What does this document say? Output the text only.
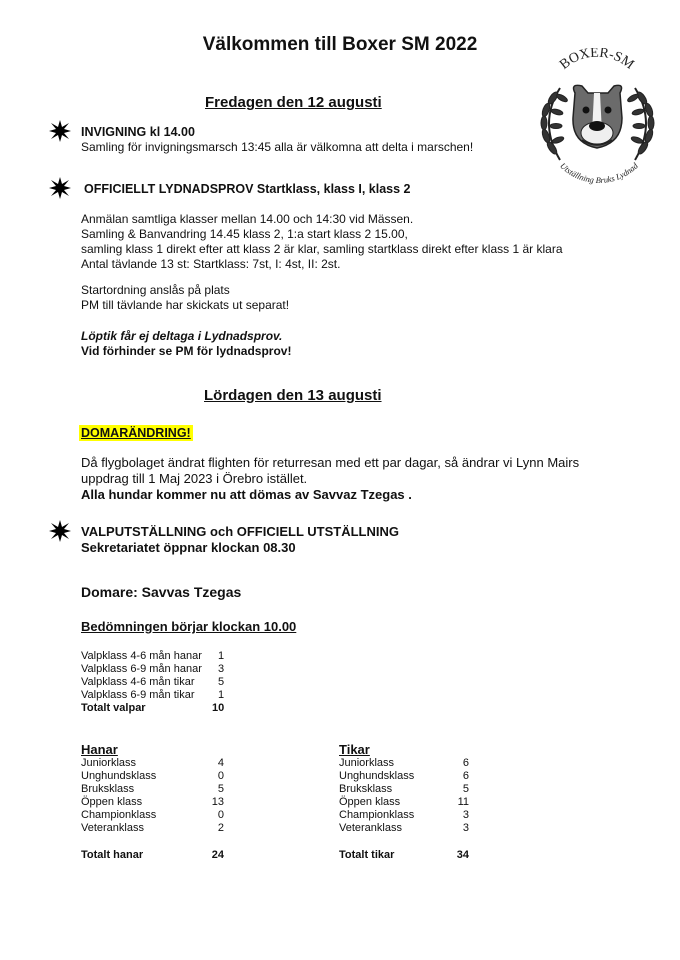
Välkommen till Boxer SM 2022
BOXER-SM
Utställning Bruks Lydnad
Fredagen den 12 augusti
INVIGNING kl 14.00
Samling för invigningsmarsch 13:45 alla är välkomna att delta i marschen!
OFFICIELLT LYDNADSPROV Startklass, klass I, klass 2
Anmälan samtliga klasser mellan 14.00 och 14:30 vid Mässen.
Samling & Banvandring 14.45 klass 2, 1:a start klass 2 15.00,
samling klass 1 direkt efter att klass 2 är klar, samling startklass direkt efter klass 1 är klara
Antal tävlande 13 st: Startklass: 7st, I: 4st, II: 2st.
Startordning anslås på plats
PM till tävlande har skickats ut separat!
Löptik får ej deltaga i Lydnadsprov.
Vid förhinder se PM för lydnadsprov!
Lördagen den 13 augusti
DOMARÄNDRING!
Då flygbolaget ändrat flighten för returresan med ett par dagar, så ändrar vi Lynn Mairs
uppdrag till 1 Maj 2023 i Örebro istället.
Alla hundar kommer nu att dömas av Savvaz Tzegas .
VALPUTSTÄLLNING och OFFICIELL UTSTÄLLNING
Sekretariatet öppnar klockan 08.30
Domare: Savvas Tzegas
Bedömningen börjar klockan 10.00
Valpklass 4-6 mån hanar 1
Valpklass 6-9 mån hanar 3
Valpklass 4-6 mån tikar 5
Valpklass 6-9 mån tikar 1
Totalt valpar	10
Hanar
Juniorklass	4
Unghundsklass	0
Bruksklass	5
Öppen klass	13
Championklass	0
Veteranklass	2
Totalt hanar	24
Tikar
Juniorklass	6
Unghundsklass	6
Bruksklass	5
Öppen klass	11
Championklass	3
Veteranklass	3
Totalt tikar	34
